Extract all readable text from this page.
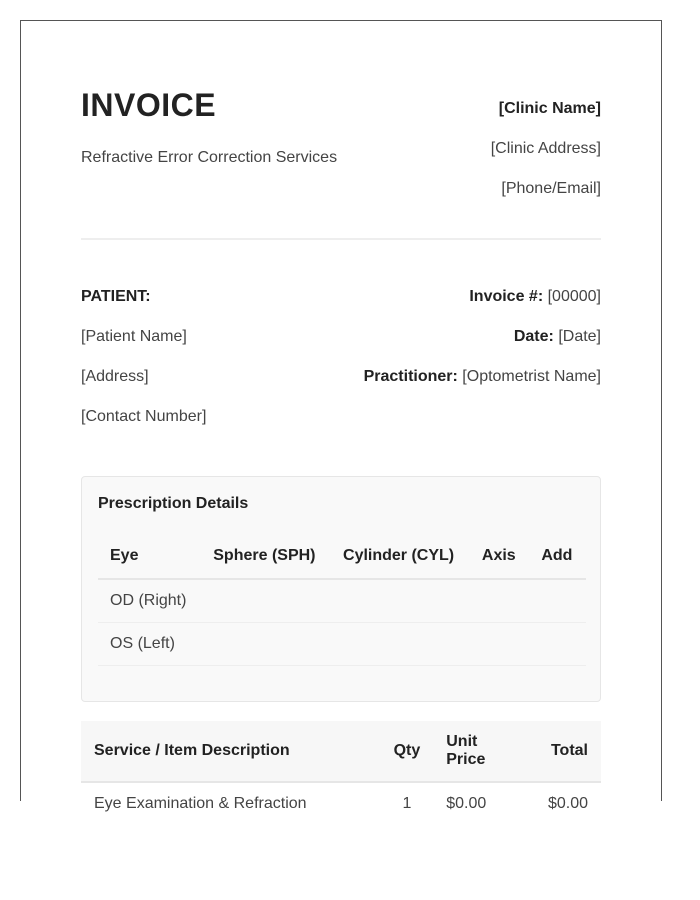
INVOICE
Refractive Error Correction Services
[Clinic Name]
[Clinic Address]
[Phone/Email]
PATIENT:
[Patient Name]
[Address]
[Contact Number]
Invoice #: [00000]
Date: [Date]
Practitioner: [Optometrist Name]
Prescription Details
Eye	Sphere (SPH)	Cylinder (CYL)	Axis	Add
OD (Right)				
OS (Left)				
Service / Item Description	Qty	Unit Price	Total
Eye Examination & Refraction	1	$0.00	$0.00
